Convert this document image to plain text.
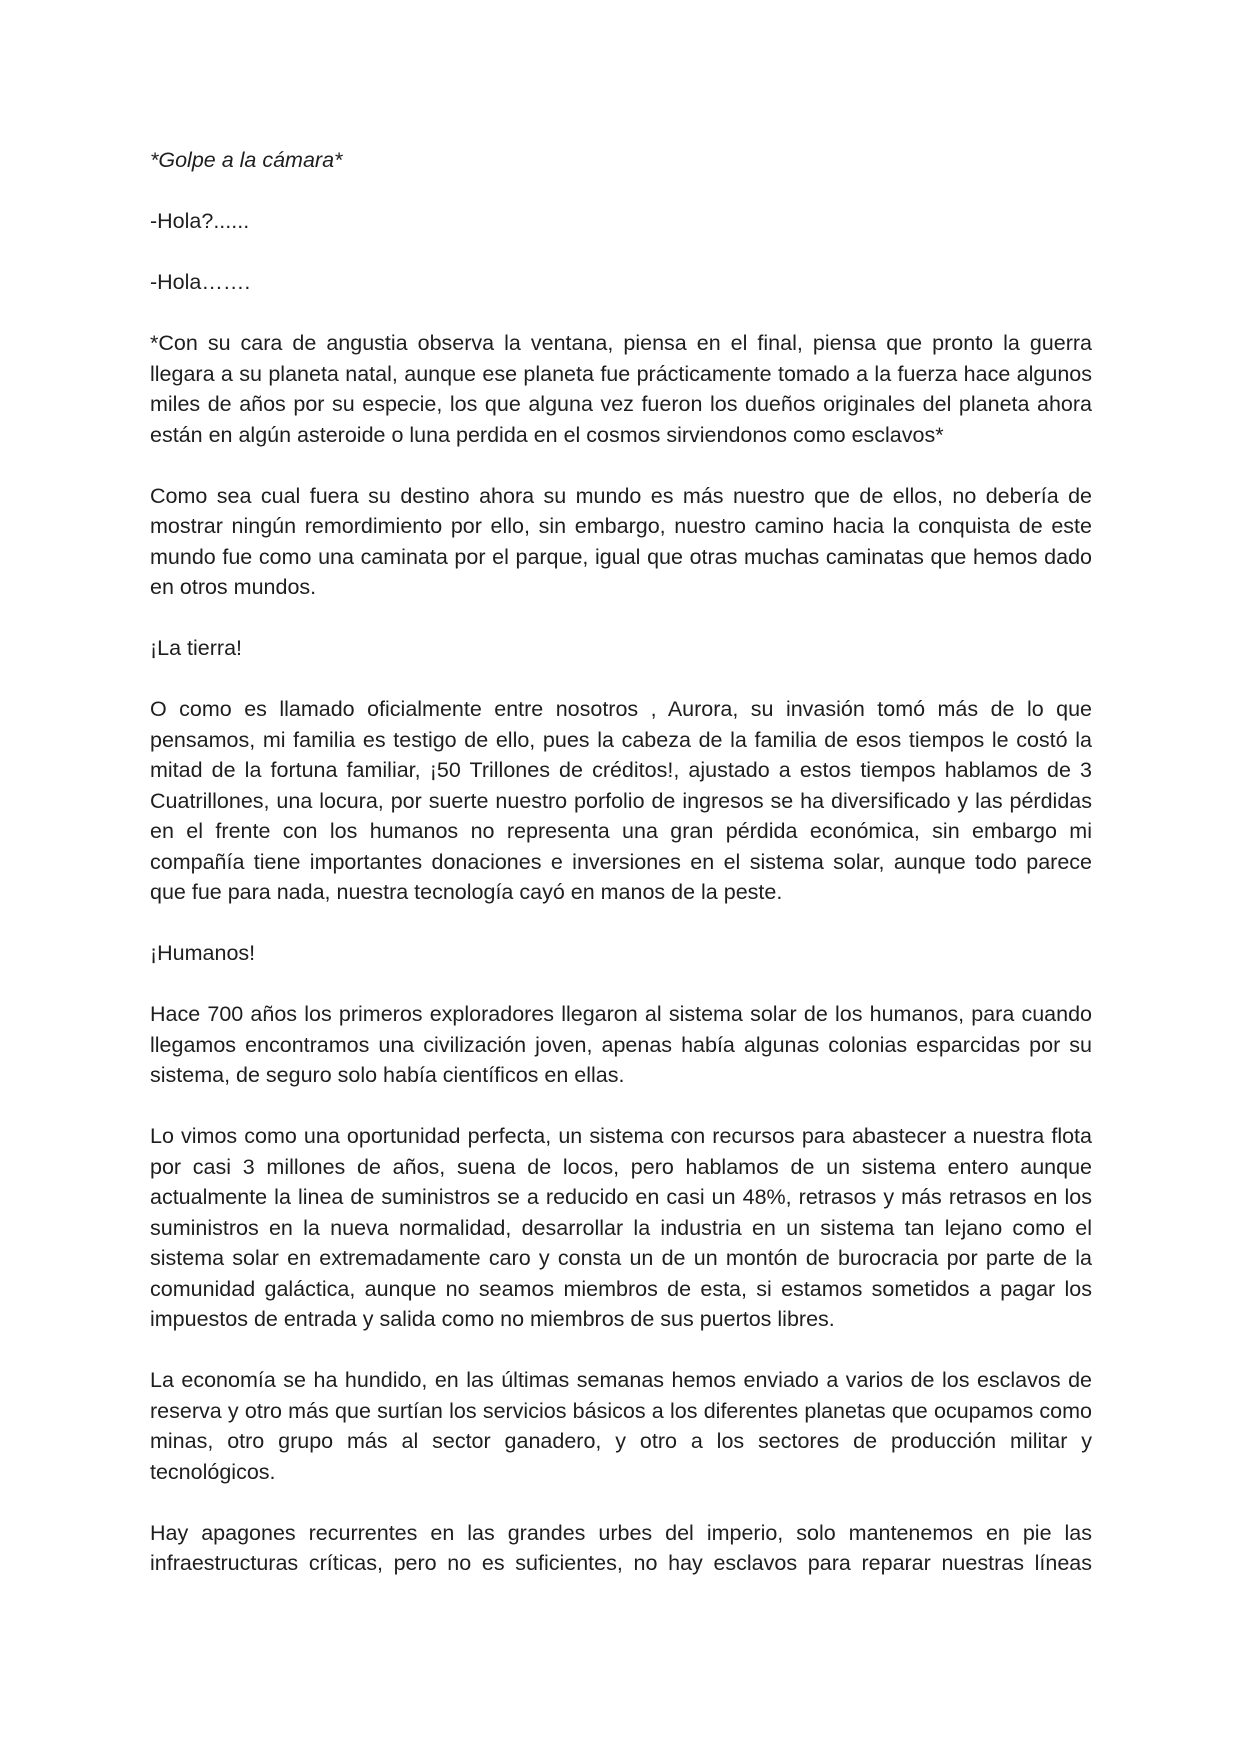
*Golpe a la cámara*

-Hola?......

-Hola…….

*Con su cara de angustia observa la ventana, piensa en el final, piensa que pronto la guerra llegara a su planeta natal, aunque ese planeta fue prácticamente tomado a la fuerza hace algunos miles de años por su especie, los que alguna vez fueron los dueños originales del planeta ahora están en algún asteroide o luna perdida en el cosmos sirviendonos como esclavos*

Como sea cual fuera su destino ahora su mundo es más nuestro que de ellos, no debería de mostrar ningún remordimiento por ello, sin embargo, nuestro camino hacia la conquista de este mundo fue como una caminata por el parque, igual que otras muchas caminatas que hemos dado en otros mundos.

¡La tierra!

O como es llamado oficialmente entre nosotros , Aurora, su invasión tomó más de lo que pensamos, mi familia es testigo de ello, pues la cabeza de la familia de esos tiempos le costó la mitad de la fortuna familiar, ¡50 Trillones de créditos!, ajustado a estos tiempos hablamos de 3 Cuatrillones, una locura, por suerte nuestro porfolio de ingresos se ha diversificado y las pérdidas en el frente con los humanos no representa una gran pérdida económica, sin embargo mi compañía tiene importantes donaciones e inversiones en el sistema solar, aunque todo parece que fue para nada, nuestra tecnología cayó en manos de la peste.

¡Humanos!

Hace 700 años los primeros exploradores llegaron al sistema solar de los humanos, para cuando llegamos encontramos una civilización joven, apenas había algunas colonias esparcidas por su sistema, de seguro solo había científicos en ellas.

Lo vimos como una oportunidad perfecta, un sistema con recursos para abastecer a nuestra flota por casi 3 millones de años, suena de locos, pero hablamos de un sistema entero aunque actualmente la linea de suministros se a reducido en casi un 48%, retrasos y más retrasos en los suministros en la nueva normalidad, desarrollar la industria en un sistema tan lejano como el sistema solar en extremadamente caro y consta un de un montón de burocracia por parte de la comunidad galáctica, aunque no seamos miembros de esta, si estamos sometidos a pagar los impuestos de entrada y salida como no miembros de sus puertos libres.

La economía se ha hundido, en las últimas semanas hemos enviado a varios de los esclavos de reserva y otro más que surtían los servicios básicos a los diferentes planetas que ocupamos como minas, otro grupo más al sector ganadero, y otro a los sectores de producción militar y tecnológicos.

Hay apagones recurrentes en las grandes urbes del imperio, solo mantenemos en pie las infraestructuras críticas, pero no es suficientes, no hay esclavos para reparar nuestras líneas
